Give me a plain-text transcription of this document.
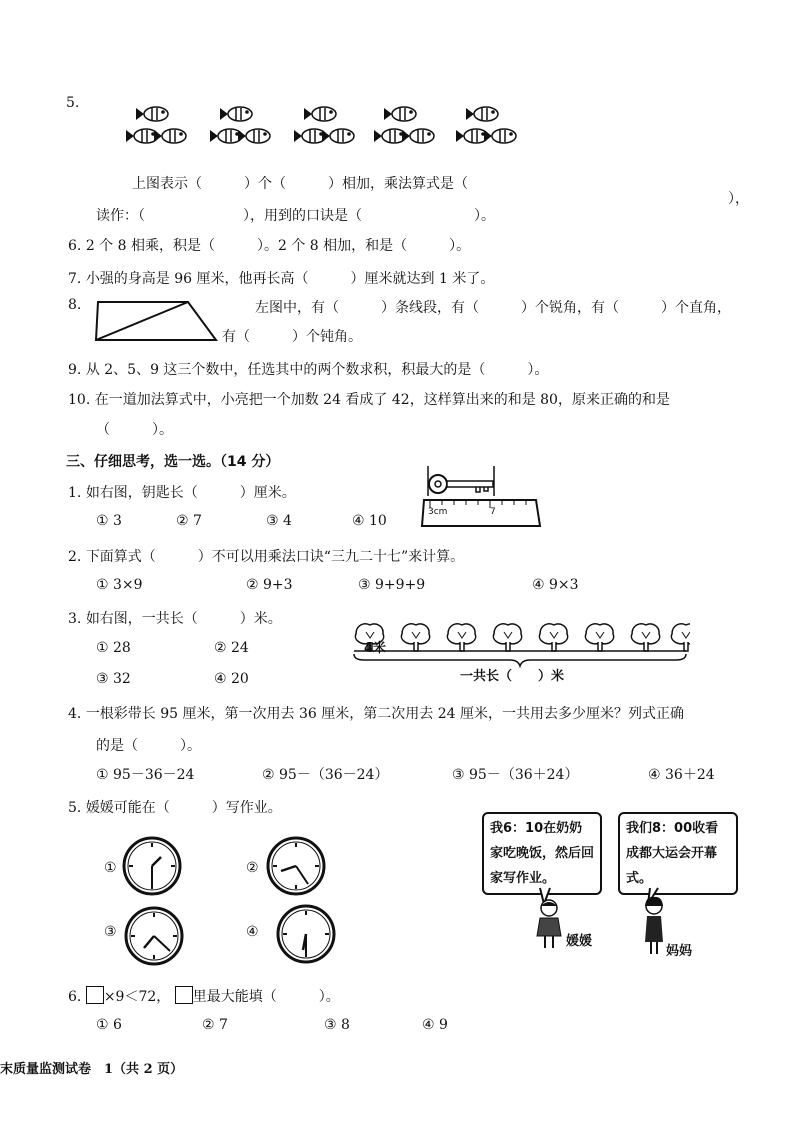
5.
上图表示（　　　）个（　　　）相加，乘法算式是（
），
读作：（　　　　　　　），用到的口诀是（　　　　　　　　）。
6. 2 个 8 相乘，积是（　　　）。2 个 8 相加，和是（　　　）。
7. 小强的身高是 96 厘米，他再长高（　　　）厘米就达到 1 米了。
8.	左图中，有（　　　）条线段，有（　　　）个锐角，有（　　　）个直角，
有（　　　）个钝角。
9. 从 2、5、9 这三个数中，任选其中的两个数求积，积最大的是（　　　）。
10. 在一道加法算式中，小亮把一个加数 24 看成了 42，这样算出来的和是 80，原来正确的和是
（　　　）。
三、仔细思考，选一选。（14 分）
1. 如右图，钥匙长（　　　）厘米。
① 3	② 7	③ 4	④ 10
3cm	7
2. 下面算式（　　　）不可以用乘法口诀“三九二十七”来计算。
① 3×9	② 9+3	③ 9+9+9	④ 9×3
3. 如右图，一共长（　　　）米。
① 28	② 24
③ 32	④ 20
4米
一共长（　　）米
4. 一根彩带长 95 厘米，第一次用去 36 厘米，第二次用去 24 厘米，一共用去多少厘米？列式正确
的是（　　　）。
① 95－36－24	② 95－（36－24）	③ 95－（36＋24）	④ 36＋24
5. 媛媛可能在（　　　）写作业。
①	②
③	④
我6：10在奶奶家吃晚饭，然后回家写作业。
我们8：00收看成都大运会开幕式。
媛媛
妈妈
6. ×9＜72， 里最大能填（　　　）。
① 6	② 7	③ 8	④ 9
末质量监测试卷　1（共 2 页）
